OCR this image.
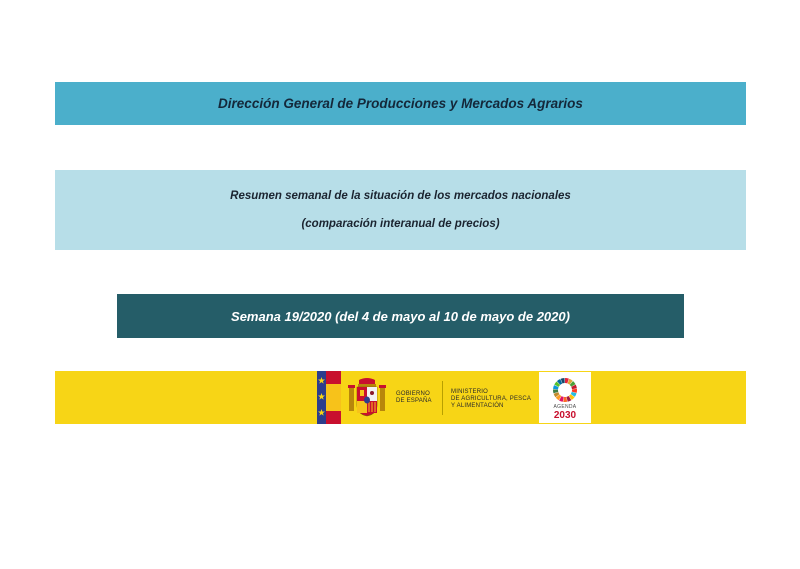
Dirección General de Producciones y Mercados Agrarios
Resumen semanal de la situación de los mercados nacionales
(comparación interanual de precios)
Semana 19/2020 (del 4 de mayo al 10 de mayo de 2020)
GOBIERNO
DE ESPAÑA
MINISTERIO
DE AGRICULTURA, PESCA
Y ALIMENTACIÓN	AGENDA
2030
